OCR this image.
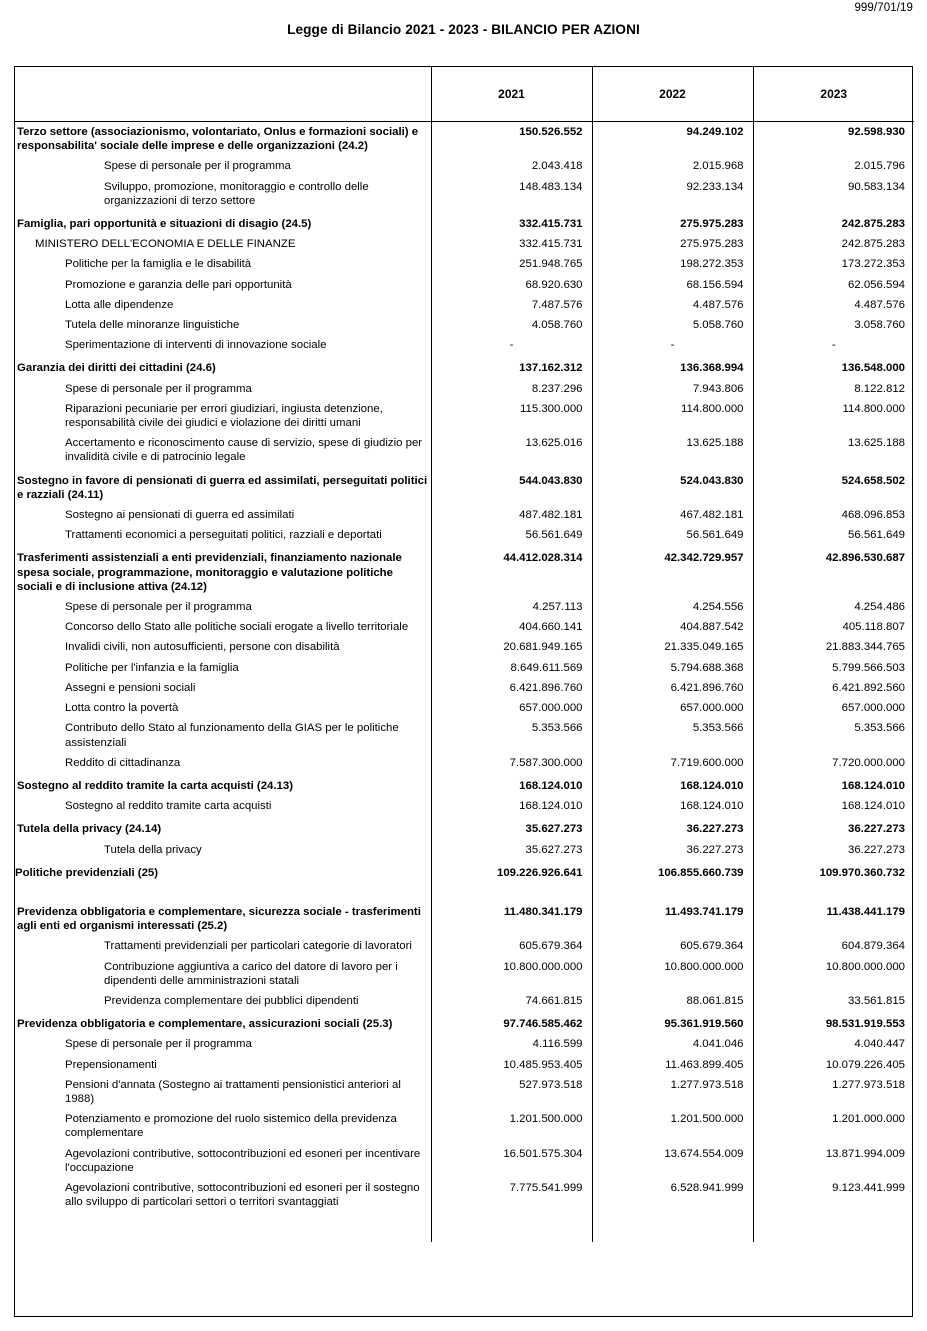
999/701/19
Legge di Bilancio 2021 - 2023 - BILANCIO PER AZIONI
	2021	2022	2023

Terzo settore (associazionismo, volontariato, Onlus e formazioni sociali) e responsabilita' sociale delle imprese e delle organizzazioni (24.2)	150.526.552	94.249.102	92.598.930

Spese di personale per il programma	2.043.418	2.015.968	2.015.796

Sviluppo, promozione, monitoraggio e controllo delle organizzazioni di terzo settore	148.483.134	92.233.134	90.583.134

Famiglia, pari opportunità e situazioni di disagio (24.5)	332.415.731	275.975.283	242.875.283

MINISTERO DELL'ECONOMIA E DELLE FINANZE	332.415.731	275.975.283	242.875.283

Politiche per la famiglia e le disabilità	251.948.765	198.272.353	173.272.353

Promozione e garanzia delle pari opportunità	68.920.630	68.156.594	62.056.594

Lotta alle dipendenze	7.487.576	4.487.576	4.487.576

Tutela delle minoranze linguistiche	4.058.760	5.058.760	3.058.760

Sperimentazione di interventi di innovazione sociale	-	-	-

Garanzia dei diritti dei cittadini (24.6)	137.162.312	136.368.994	136.548.000

Spese di personale per il programma	8.237.296	7.943.806	8.122.812

Riparazioni pecuniarie per errori giudiziari, ingiusta detenzione, responsabilità civile dei giudici e violazione dei diritti umani	115.300.000	114.800.000	114.800.000

Accertamento e riconoscimento cause di servizio, spese di giudizio per invalidità civile e di patrocinio legale	13.625.016	13.625.188	13.625.188

Sostegno in favore di pensionati di guerra ed assimilati, perseguitati politici e razziali (24.11)	544.043.830	524.043.830	524.658.502

Sostegno ai pensionati di guerra ed assimilati	487.482.181	467.482.181	468.096.853

Trattamenti economici a perseguitati politici, razziali e deportati	56.561.649	56.561.649	56.561.649

Trasferimenti assistenziali a enti previdenziali, finanziamento nazionale spesa sociale, programmazione, monitoraggio e valutazione politiche sociali e di inclusione attiva (24.12)	44.412.028.314	42.342.729.957	42.896.530.687

Spese di personale per il programma	4.257.113	4.254.556	4.254.486

Concorso dello Stato alle politiche sociali erogate a livello territoriale	404.660.141	404.887.542	405.118.807

Invalidi civili, non autosufficienti, persone con disabilità	20.681.949.165	21.335.049.165	21.883.344.765

Politiche per l'infanzia e la famiglia	8.649.611.569	5.794.688.368	5.799.566.503

Assegni e pensioni sociali	6.421.896.760	6.421.896.760	6.421.892.560

Lotta contro la povertà	657.000.000	657.000.000	657.000.000

Contributo dello Stato al funzionamento della GIAS per le politiche assistenziali	5.353.566	5.353.566	5.353.566

Reddito di cittadinanza	7.587.300.000	7.719.600.000	7.720.000.000

Sostegno al reddito tramite la carta acquisti (24.13)	168.124.010	168.124.010	168.124.010

Sostegno al reddito tramite carta acquisti	168.124.010	168.124.010	168.124.010

Tutela della privacy (24.14)	35.627.273	36.227.273	36.227.273

Tutela della privacy	35.627.273	36.227.273	36.227.273

Politiche previdenziali (25)	109.226.926.641	106.855.660.739	109.970.360.732

Previdenza obbligatoria e complementare, sicurezza sociale - trasferimenti agli enti ed organismi interessati (25.2)	11.480.341.179	11.493.741.179	11.438.441.179

Trattamenti previdenziali per particolari categorie di lavoratori	605.679.364	605.679.364	604.879.364

Contribuzione aggiuntiva a carico del datore di lavoro per i dipendenti delle amministrazioni statali	10.800.000.000	10.800.000.000	10.800.000.000

Previdenza complementare dei pubblici dipendenti	74.661.815	88.061.815	33.561.815

Previdenza obbligatoria e complementare, assicurazioni sociali (25.3)	97.746.585.462	95.361.919.560	98.531.919.553

Spese di personale per il programma	4.116.599	4.041.046	4.040.447

Prepensionamenti	10.485.953.405	11.463.899.405	10.079.226.405

Pensioni d'annata (Sostegno ai trattamenti pensionistici anteriori al 1988)	527.973.518	1.277.973.518	1.277.973.518

Potenziamento e promozione del ruolo sistemico della previdenza complementare	1.201.500.000	1.201.500.000	1.201.000.000

Agevolazioni contributive, sottocontribuzioni ed esoneri per incentivare l'occupazione	16.501.575.304	13.674.554.009	13.871.994.009

Agevolazioni contributive, sottocontribuzioni ed esoneri per il sostegno allo sviluppo di particolari settori o territori svantaggiati	7.775.541.999	6.528.941.999	9.123.441.999
